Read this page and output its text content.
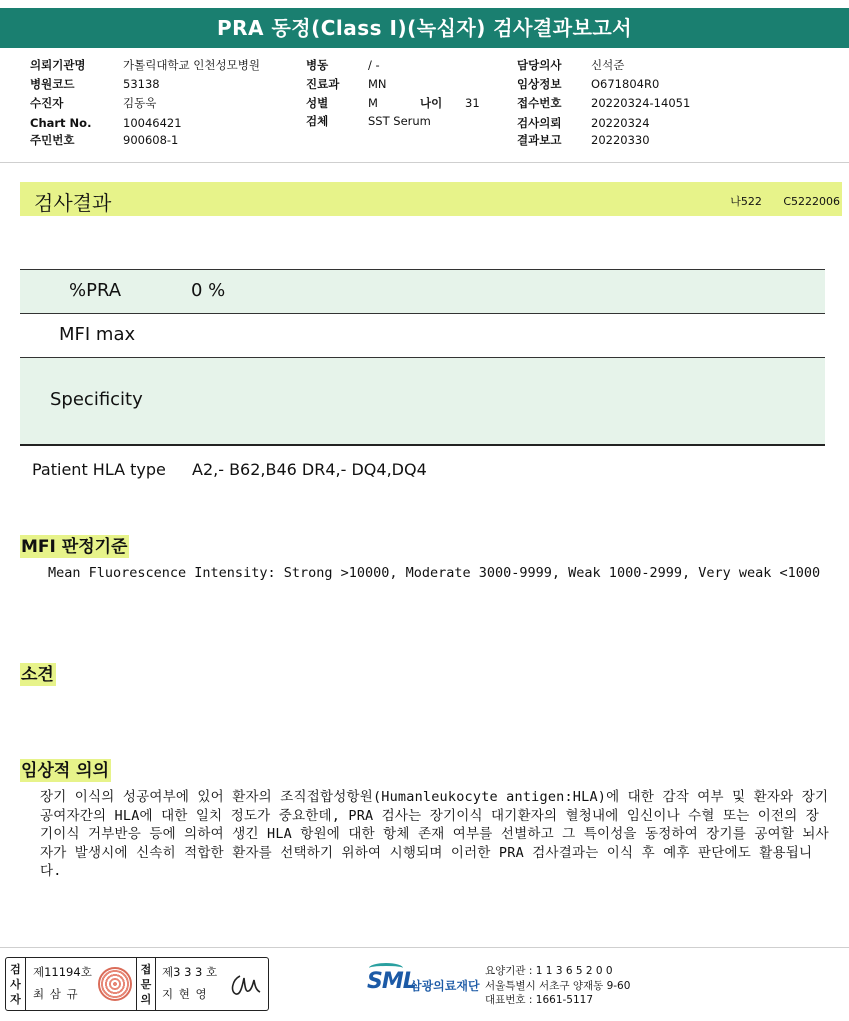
PRA 동정(Class I)(녹십자) 검사결과보고서
의뢰기관명	가톨릭대학교 인천성모병원
병원코드	53138
수진자	김동욱
Chart No.	10046421
주민번호	900608-1
병동	/ -
진료과 MN
성별	M	나이 31
검체	SST Serum
담당의사	신석준
임상정보	O671804R0
접수번호	20220324-14051
검사의뢰	20220324
결과보고	20220330
검사결과	나522 C5222006
%PRA	0 %
MFI max
Specificity
Patient HLA type A2,- B62,B46 DR4,- DQ4,DQ4
MFI 판정기준
Mean Fluorescence Intensity: Strong >10000, Moderate 3000-9999, Weak 1000-2999, Very weak <1000
소견
임상적 의의
장기 이식의 성공여부에 있어 환자의 조직접합성항원(Humanleukocyte antigen:HLA)에 대한 감작 여부 및 환자와 장기공여자간의 HLA에 대한 일치 정도가 중요한데, PRA 검사는 장기이식 대기환자의 혈청내에 임신이나 수혈 또는 이전의 장기이식 거부반응 등에 의하여 생긴 HLA 항원에 대한 항체 존재 여부를 선별하고 그 특이성을 동정하여 장기를 공여할 뇌사자가 발생시에 신속히 적합한 환자를 선택하기 위하여 시행되며 이러한 PRA 검사결과는 이식 후 예후 판단에도 활용됩니다.
검사자
제11194호
최 삼 규
접문의
제3 3 3 호
지 현 영	SML
삼광의료재단
요양기관 : 1 1 3 6 5 2 0 0
서울특별시 서초구 양재동 9-60
대표번호 : 1661-5117
